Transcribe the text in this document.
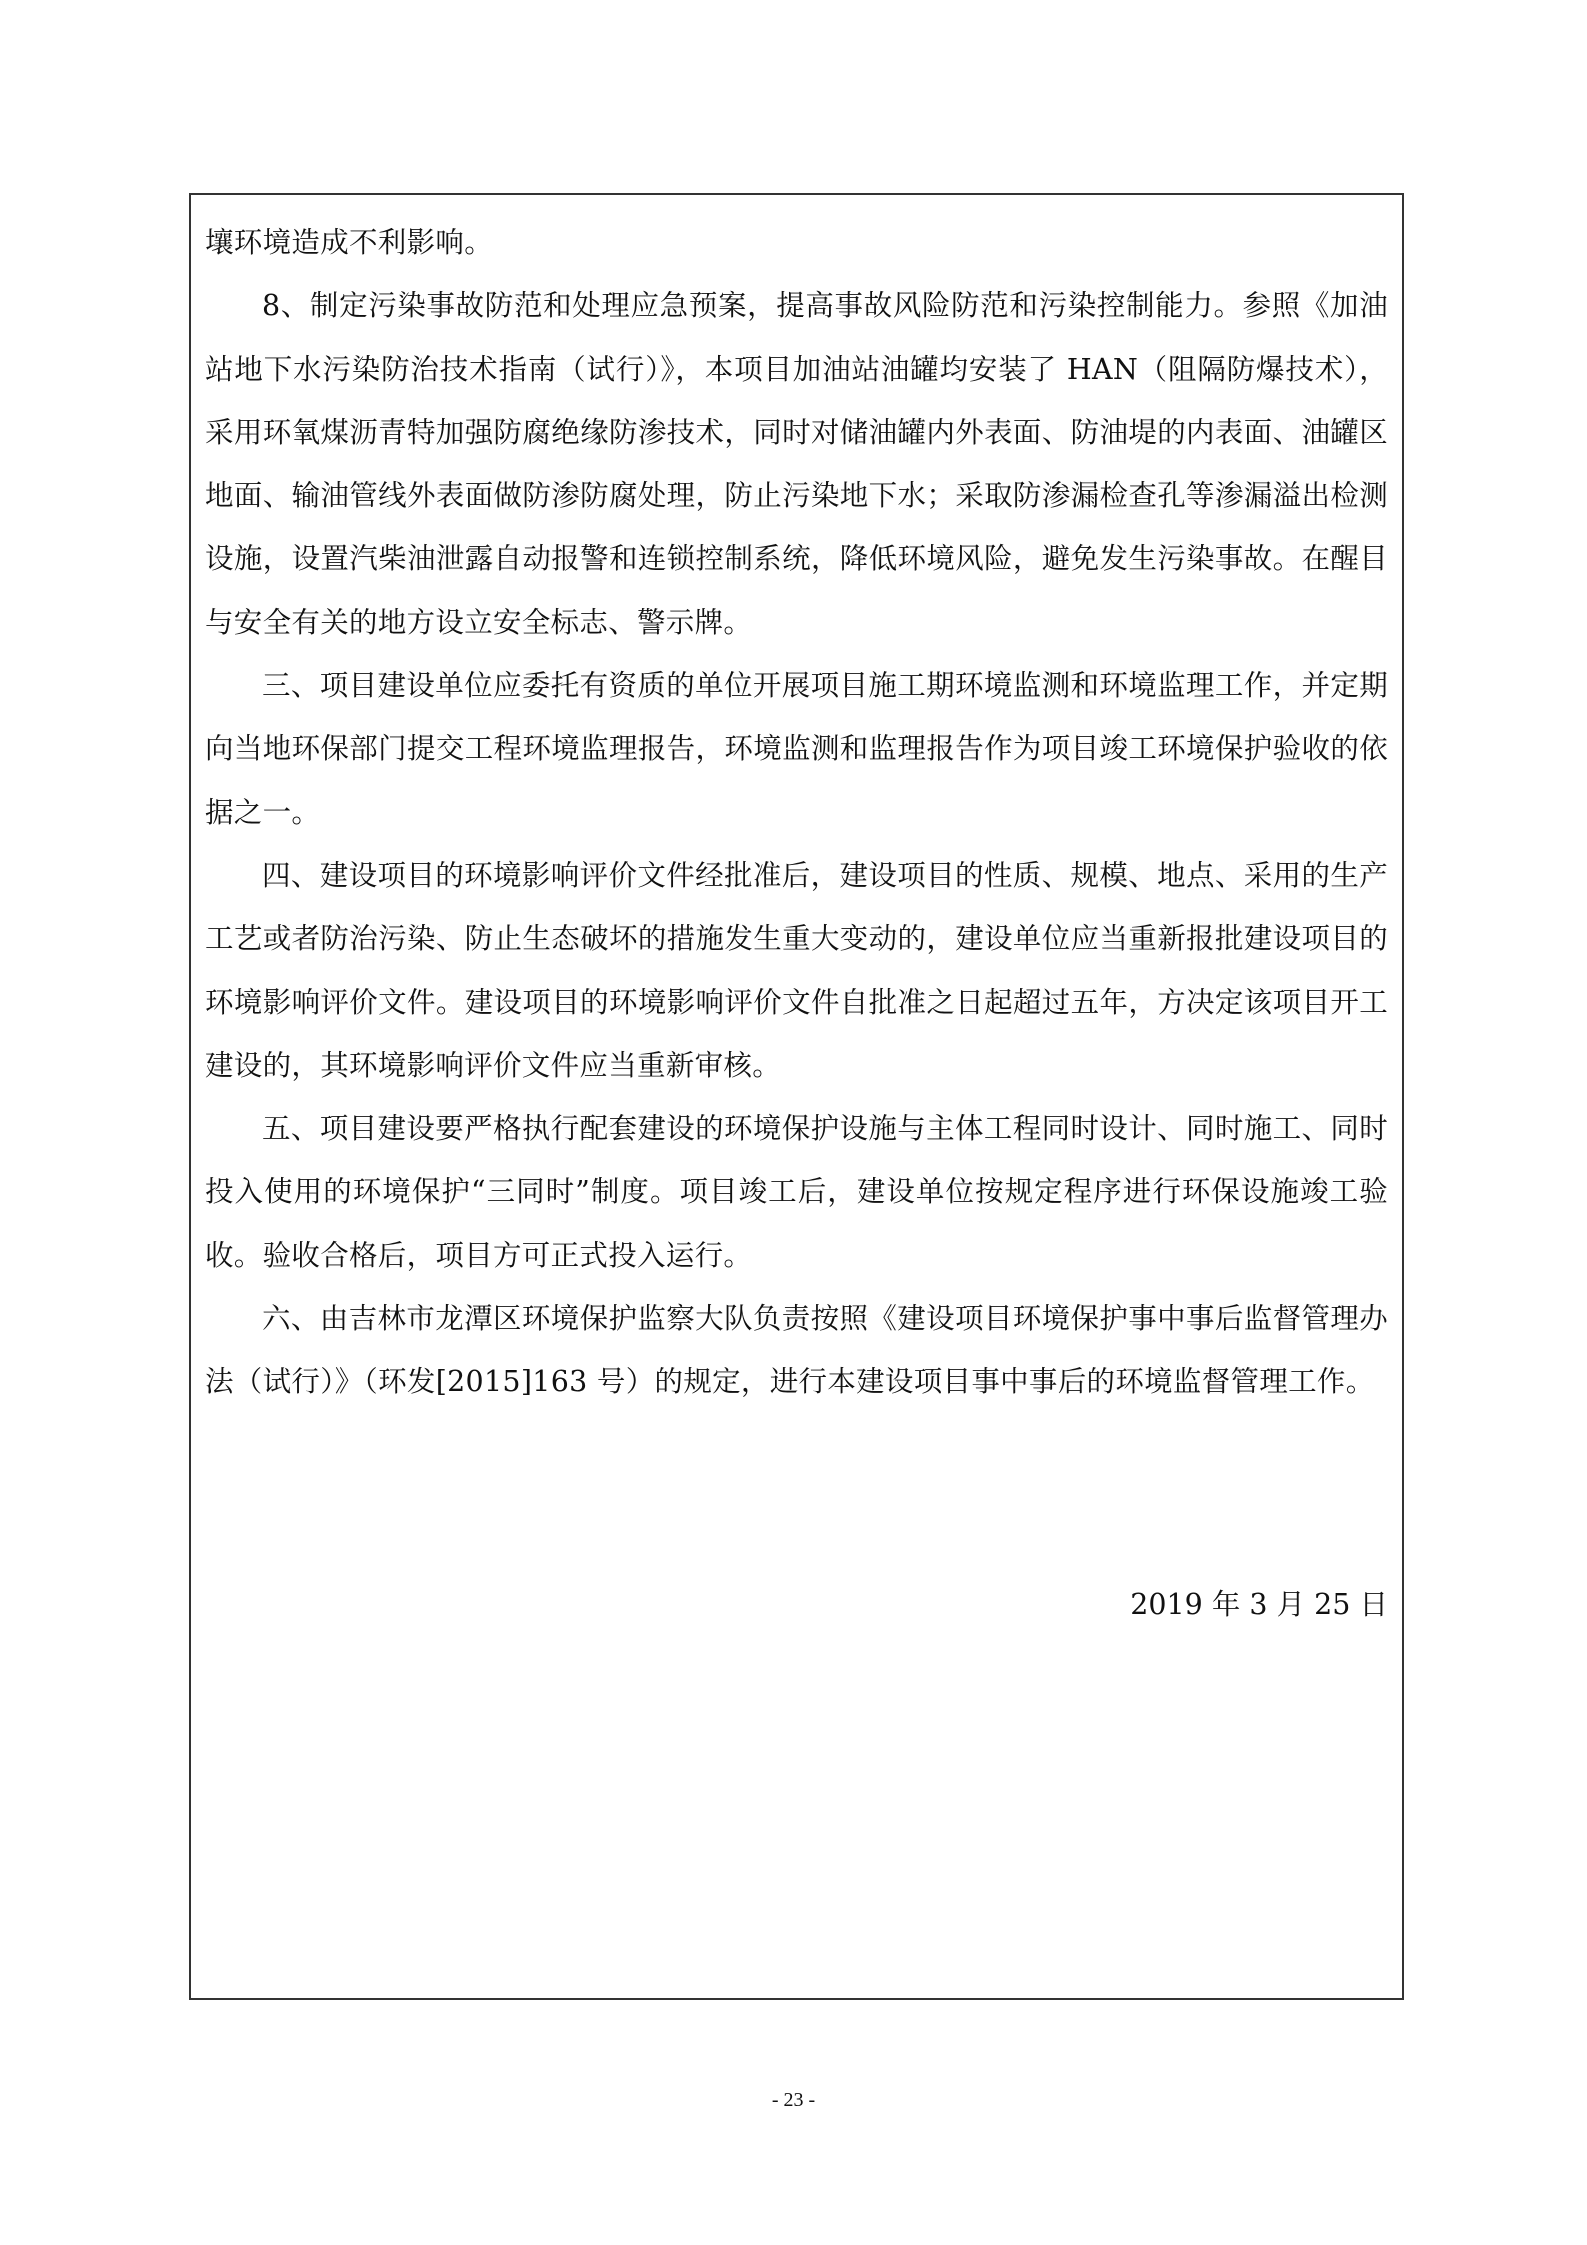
壤环境造成不利影响。

8、制定污染事故防范和处理应急预案，提高事故风险防范和污染控制能力。参照《加油站地下水污染防治技术指南（试行）》，本项目加油站油罐均安装了 HAN（阻隔防爆技术），采用环氧煤沥青特加强防腐绝缘防渗技术，同时对储油罐内外表面、防油堤的内表面、油罐区地面、输油管线外表面做防渗防腐处理，防止污染地下水；采取防渗漏检查孔等渗漏溢出检测设施，设置汽柴油泄露自动报警和连锁控制系统，降低环境风险，避免发生污染事故。在醒目与安全有关的地方设立安全标志、警示牌。

三、项目建设单位应委托有资质的单位开展项目施工期环境监测和环境监理工作，并定期向当地环保部门提交工程环境监理报告，环境监测和监理报告作为项目竣工环境保护验收的依据之一。

四、建设项目的环境影响评价文件经批准后，建设项目的性质、规模、地点、采用的生产工艺或者防治污染、防止生态破坏的措施发生重大变动的，建设单位应当重新报批建设项目的环境影响评价文件。建设项目的环境影响评价文件自批准之日起超过五年，方决定该项目开工建设的，其环境影响评价文件应当重新审核。

五、项目建设要严格执行配套建设的环境保护设施与主体工程同时设计、同时施工、同时投入使用的环境保护“三同时”制度。项目竣工后，建设单位按规定程序进行环保设施竣工验收。验收合格后，项目方可正式投入运行。

六、由吉林市龙潭区环境保护监察大队负责按照《建设项目环境保护事中事后监督管理办法（试行）》（环发[2015]163 号）的规定，进行本建设项目事中事后的环境监督管理工作。

2019 年 3 月 25 日
- 23 -
